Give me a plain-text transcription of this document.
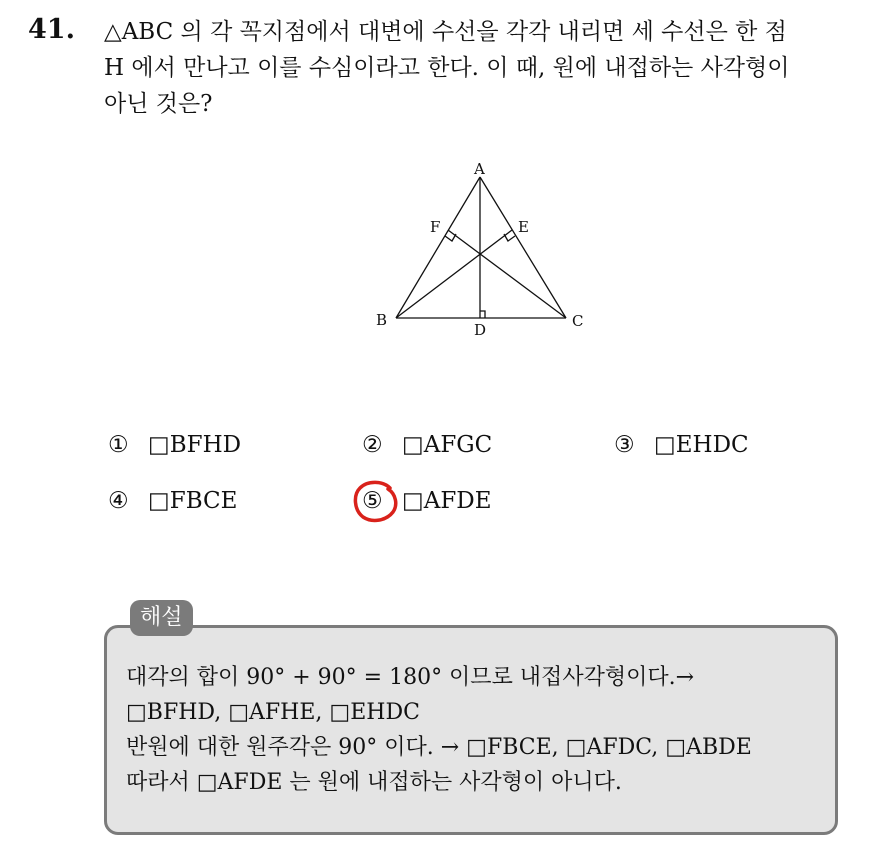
41. △ABC 의 각 꼭지점에서 대변에 수선을 각각 내리면 세 수선은 한 점
H 에서 만나고 이를 수심이라고 한다. 이 때, 원에 내접하는 사각형이
아닌 것은?
A
B	C
D
E
F
① □BFHD	② □AFGC	③ □EHDC
④ □FBCE	⑤ □AFDE
해설
대각의 합이 90° + 90° = 180° 이므로 내접사각형이다.→
□BFHD, □AFHE, □EHDC
반원에 대한 원주각은 90° 이다. → □FBCE, □AFDC, □ABDE
따라서 □AFDE 는 원에 내접하는 사각형이 아니다.
